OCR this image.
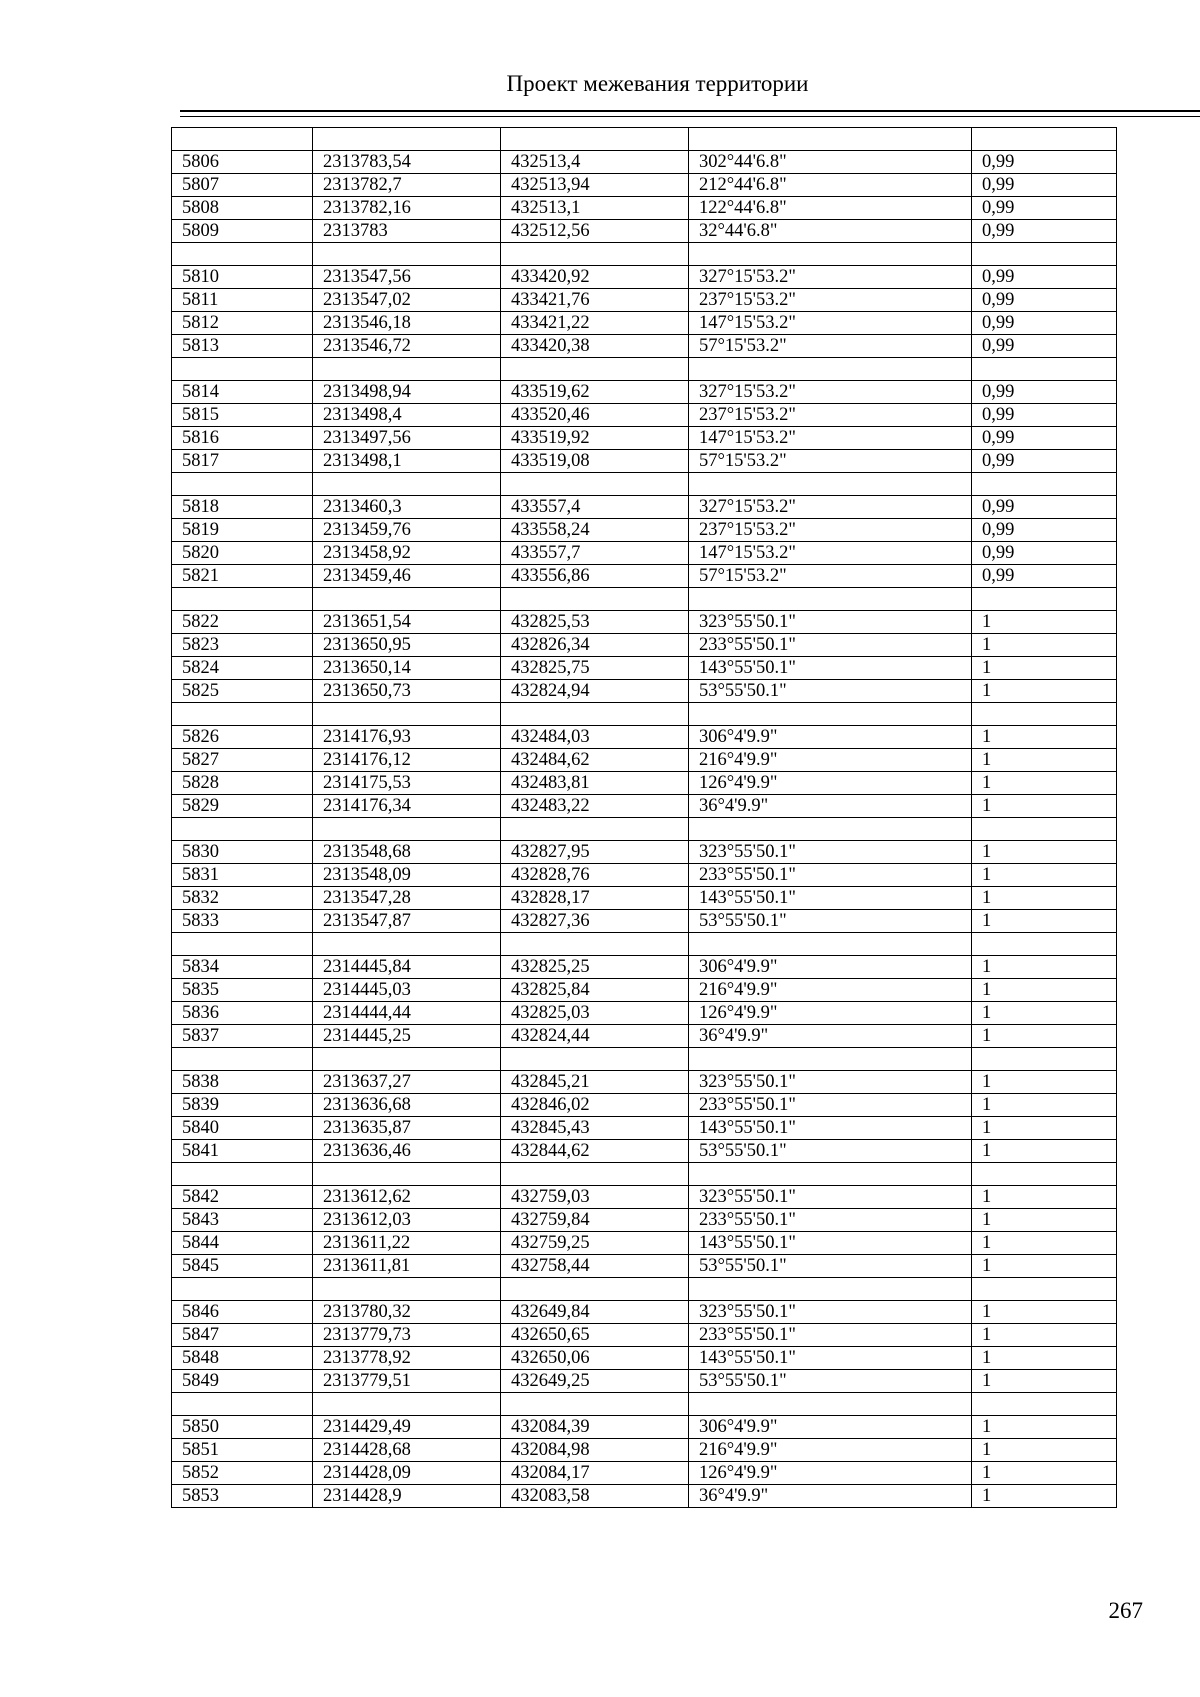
Проект межевания территории

5806	2313783,54	432513,4	302°44'6.8"	0,99
5807	2313782,7	432513,94	212°44'6.8"	0,99
5808	2313782,16	432513,1	122°44'6.8"	0,99
5809	2313783	432512,56	32°44'6.8"	0,99

5810	2313547,56	433420,92	327°15'53.2"	0,99
5811	2313547,02	433421,76	237°15'53.2"	0,99
5812	2313546,18	433421,22	147°15'53.2"	0,99
5813	2313546,72	433420,38	57°15'53.2"	0,99

5814	2313498,94	433519,62	327°15'53.2"	0,99
5815	2313498,4	433520,46	237°15'53.2"	0,99
5816	2313497,56	433519,92	147°15'53.2"	0,99
5817	2313498,1	433519,08	57°15'53.2"	0,99

5818	2313460,3	433557,4	327°15'53.2"	0,99
5819	2313459,76	433558,24	237°15'53.2"	0,99
5820	2313458,92	433557,7	147°15'53.2"	0,99
5821	2313459,46	433556,86	57°15'53.2"	0,99

5822	2313651,54	432825,53	323°55'50.1"	1
5823	2313650,95	432826,34	233°55'50.1"	1
5824	2313650,14	432825,75	143°55'50.1"	1
5825	2313650,73	432824,94	53°55'50.1"	1

5826	2314176,93	432484,03	306°4'9.9"	1
5827	2314176,12	432484,62	216°4'9.9"	1
5828	2314175,53	432483,81	126°4'9.9"	1
5829	2314176,34	432483,22	36°4'9.9"	1

5830	2313548,68	432827,95	323°55'50.1"	1
5831	2313548,09	432828,76	233°55'50.1"	1
5832	2313547,28	432828,17	143°55'50.1"	1
5833	2313547,87	432827,36	53°55'50.1"	1

5834	2314445,84	432825,25	306°4'9.9"	1
5835	2314445,03	432825,84	216°4'9.9"	1
5836	2314444,44	432825,03	126°4'9.9"	1
5837	2314445,25	432824,44	36°4'9.9"	1

5838	2313637,27	432845,21	323°55'50.1"	1
5839	2313636,68	432846,02	233°55'50.1"	1
5840	2313635,87	432845,43	143°55'50.1"	1
5841	2313636,46	432844,62	53°55'50.1"	1

5842	2313612,62	432759,03	323°55'50.1"	1
5843	2313612,03	432759,84	233°55'50.1"	1
5844	2313611,22	432759,25	143°55'50.1"	1
5845	2313611,81	432758,44	53°55'50.1"	1

5846	2313780,32	432649,84	323°55'50.1"	1
5847	2313779,73	432650,65	233°55'50.1"	1
5848	2313778,92	432650,06	143°55'50.1"	1
5849	2313779,51	432649,25	53°55'50.1"	1

5850	2314429,49	432084,39	306°4'9.9"	1
5851	2314428,68	432084,98	216°4'9.9"	1
5852	2314428,09	432084,17	126°4'9.9"	1
5853	2314428,9	432083,58	36°4'9.9"	1
267
